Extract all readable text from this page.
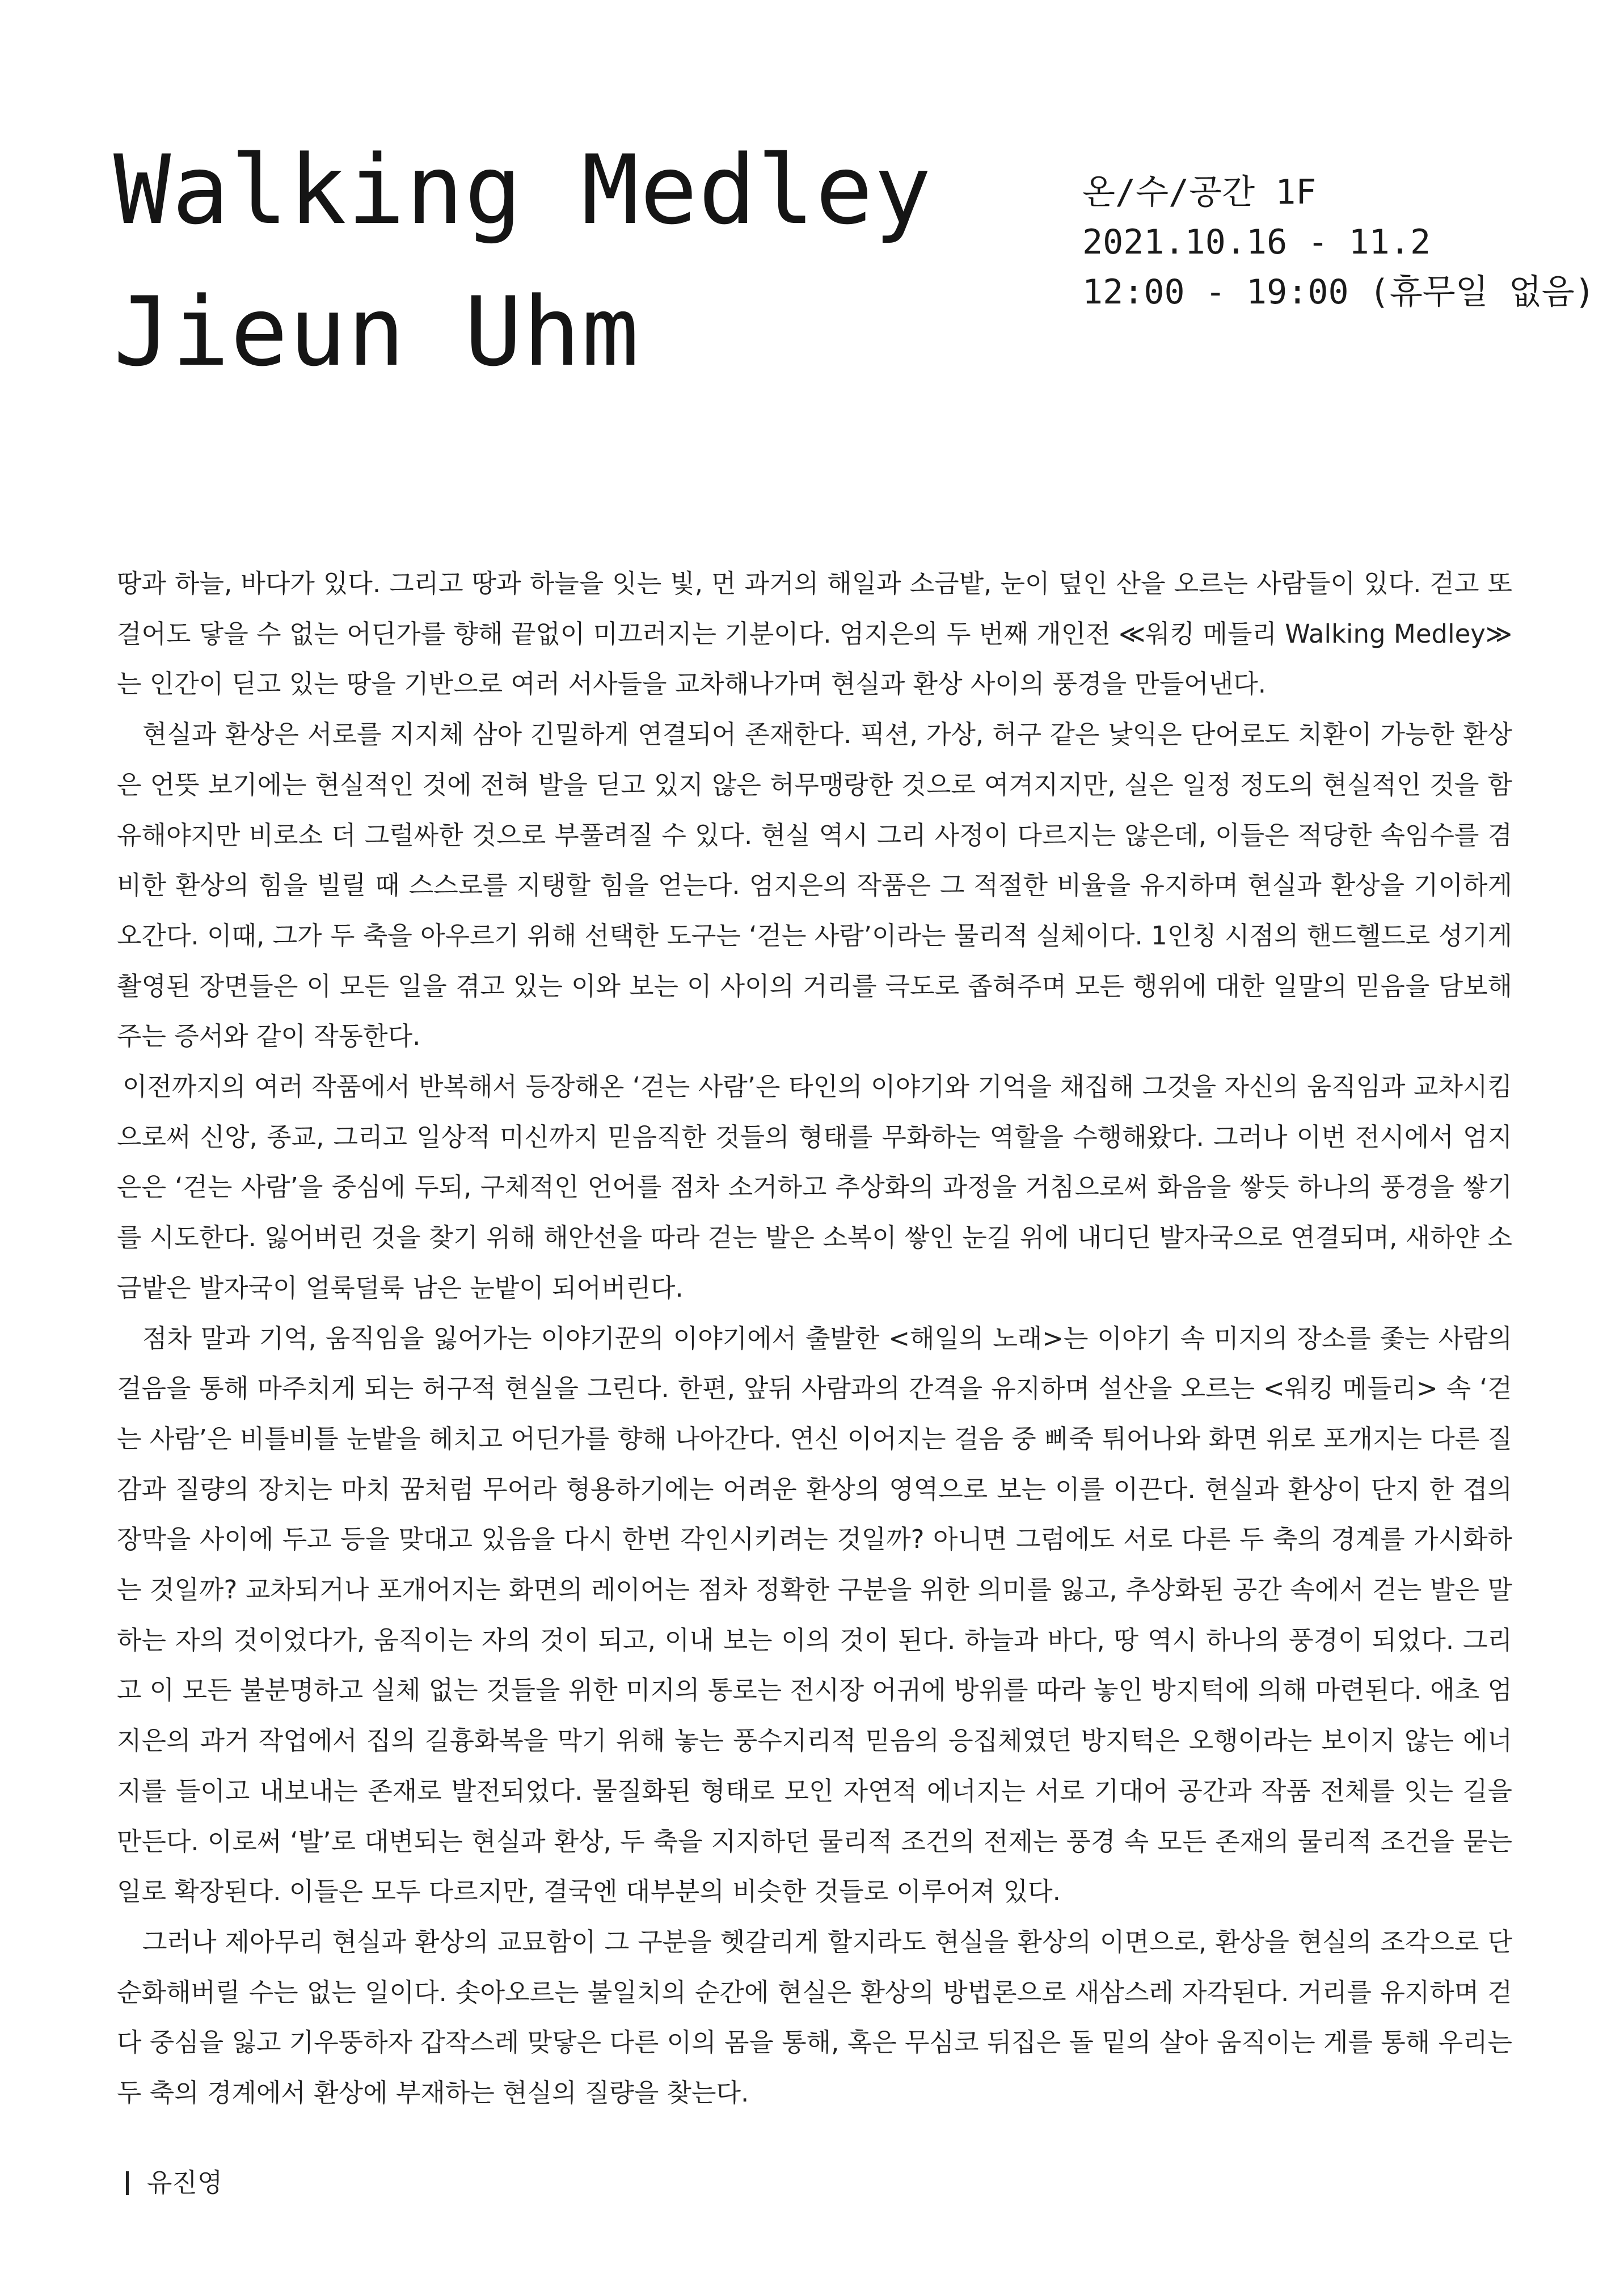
Walking Medley
Jieun Uhm
온/수/공간 1F
2021.10.16 - 11.2
12:00 - 19:00 (휴무일 없음)

땅과 하늘, 바다가 있다. 그리고 땅과 하늘을 잇는 빛, 먼 과거의 해일과 소금밭, 눈이 덮인 산을 오르는 사람들이 있다. 걷고 또 걸어도 닿을 수 없는 어딘가를 향해 끝없이 미끄러지는 기분이다. 엄지은의 두 번째 개인전 ≪워킹 메들리 Walking Medley≫는 인간이 딛고 있는 땅을 기반으로 여러 서사들을 교차해나가며 현실과 환상 사이의 풍경을 만들어낸다.

현실과 환상은 서로를 지지체 삼아 긴밀하게 연결되어 존재한다. 픽션, 가상, 허구 같은 낯익은 단어로도 치환이 가능한 환상은 언뜻 보기에는 현실적인 것에 전혀 발을 딛고 있지 않은 허무맹랑한 것으로 여겨지지만, 실은 일정 정도의 현실적인 것을 함유해야지만 비로소 더 그럴싸한 것으로 부풀려질 수 있다. 현실 역시 그리 사정이 다르지는 않은데, 이들은 적당한 속임수를 겸비한 환상의 힘을 빌릴 때 스스로를 지탱할 힘을 얻는다. 엄지은의 작품은 그 적절한 비율을 유지하며 현실과 환상을 기이하게 오간다. 이때, 그가 두 축을 아우르기 위해 선택한 도구는 ‘걷는 사람’이라는 물리적 실체이다. 1인칭 시점의 핸드헬드로 성기게 촬영된 장면들은 이 모든 일을 겪고 있는 이와 보는 이 사이의 거리를 극도로 좁혀주며 모든 행위에 대한 일말의 믿음을 담보해주는 증서와 같이 작동한다.

이전까지의 여러 작품에서 반복해서 등장해온 ‘걷는 사람’은 타인의 이야기와 기억을 채집해 그것을 자신의 움직임과 교차시킴으로써 신앙, 종교, 그리고 일상적 미신까지 믿음직한 것들의 형태를 무화하는 역할을 수행해왔다. 그러나 이번 전시에서 엄지은은 ‘걷는 사람’을 중심에 두되, 구체적인 언어를 점차 소거하고 추상화의 과정을 거침으로써 화음을 쌓듯 하나의 풍경을 쌓기를 시도한다. 잃어버린 것을 찾기 위해 해안선을 따라 걷는 발은 소복이 쌓인 눈길 위에 내디딘 발자국으로 연결되며, 새하얀 소금밭은 발자국이 얼룩덜룩 남은 눈밭이 되어버린다.

점차 말과 기억, 움직임을 잃어가는 이야기꾼의 이야기에서 출발한 <해일의 노래>는 이야기 속 미지의 장소를 좇는 사람의 걸음을 통해 마주치게 되는 허구적 현실을 그린다. 한편, 앞뒤 사람과의 간격을 유지하며 설산을 오르는 <워킹 메들리> 속 ‘걷는 사람’은 비틀비틀 눈밭을 헤치고 어딘가를 향해 나아간다. 연신 이어지는 걸음 중 삐죽 튀어나와 화면 위로 포개지는 다른 질감과 질량의 장치는 마치 꿈처럼 무어라 형용하기에는 어려운 환상의 영역으로 보는 이를 이끈다. 현실과 환상이 단지 한 겹의 장막을 사이에 두고 등을 맞대고 있음을 다시 한번 각인시키려는 것일까? 아니면 그럼에도 서로 다른 두 축의 경계를 가시화하는 것일까? 교차되거나 포개어지는 화면의 레이어는 점차 정확한 구분을 위한 의미를 잃고, 추상화된 공간 속에서 걷는 발은 말하는 자의 것이었다가, 움직이는 자의 것이 되고, 이내 보는 이의 것이 된다. 하늘과 바다, 땅 역시 하나의 풍경이 되었다. 그리고 이 모든 불분명하고 실체 없는 것들을 위한 미지의 통로는 전시장 어귀에 방위를 따라 놓인 방지턱에 의해 마련된다. 애초 엄지은의 과거 작업에서 집의 길흉화복을 막기 위해 놓는 풍수지리적 믿음의 응집체였던 방지턱은 오행이라는 보이지 않는 에너지를 들이고 내보내는 존재로 발전되었다. 물질화된 형태로 모인 자연적 에너지는 서로 기대어 공간과 작품 전체를 잇는 길을 만든다. 이로써 ‘발’로 대변되는 현실과 환상, 두 축을 지지하던 물리적 조건의 전제는 풍경 속 모든 존재의 물리적 조건을 묻는 일로 확장된다. 이들은 모두 다르지만, 결국엔 대부분의 비슷한 것들로 이루어져 있다.

그러나 제아무리 현실과 환상의 교묘함이 그 구분을 헷갈리게 할지라도 현실을 환상의 이면으로, 환상을 현실의 조각으로 단순화해버릴 수는 없는 일이다. 솟아오르는 불일치의 순간에 현실은 환상의 방법론으로 새삼스레 자각된다. 거리를 유지하며 걷다 중심을 잃고 기우뚱하자 갑작스레 맞닿은 다른 이의 몸을 통해, 혹은 무심코 뒤집은 돌 밑의 살아 움직이는 게를 통해 우리는 두 축의 경계에서 환상에 부재하는 현실의 질량을 찾는다.

유진영
